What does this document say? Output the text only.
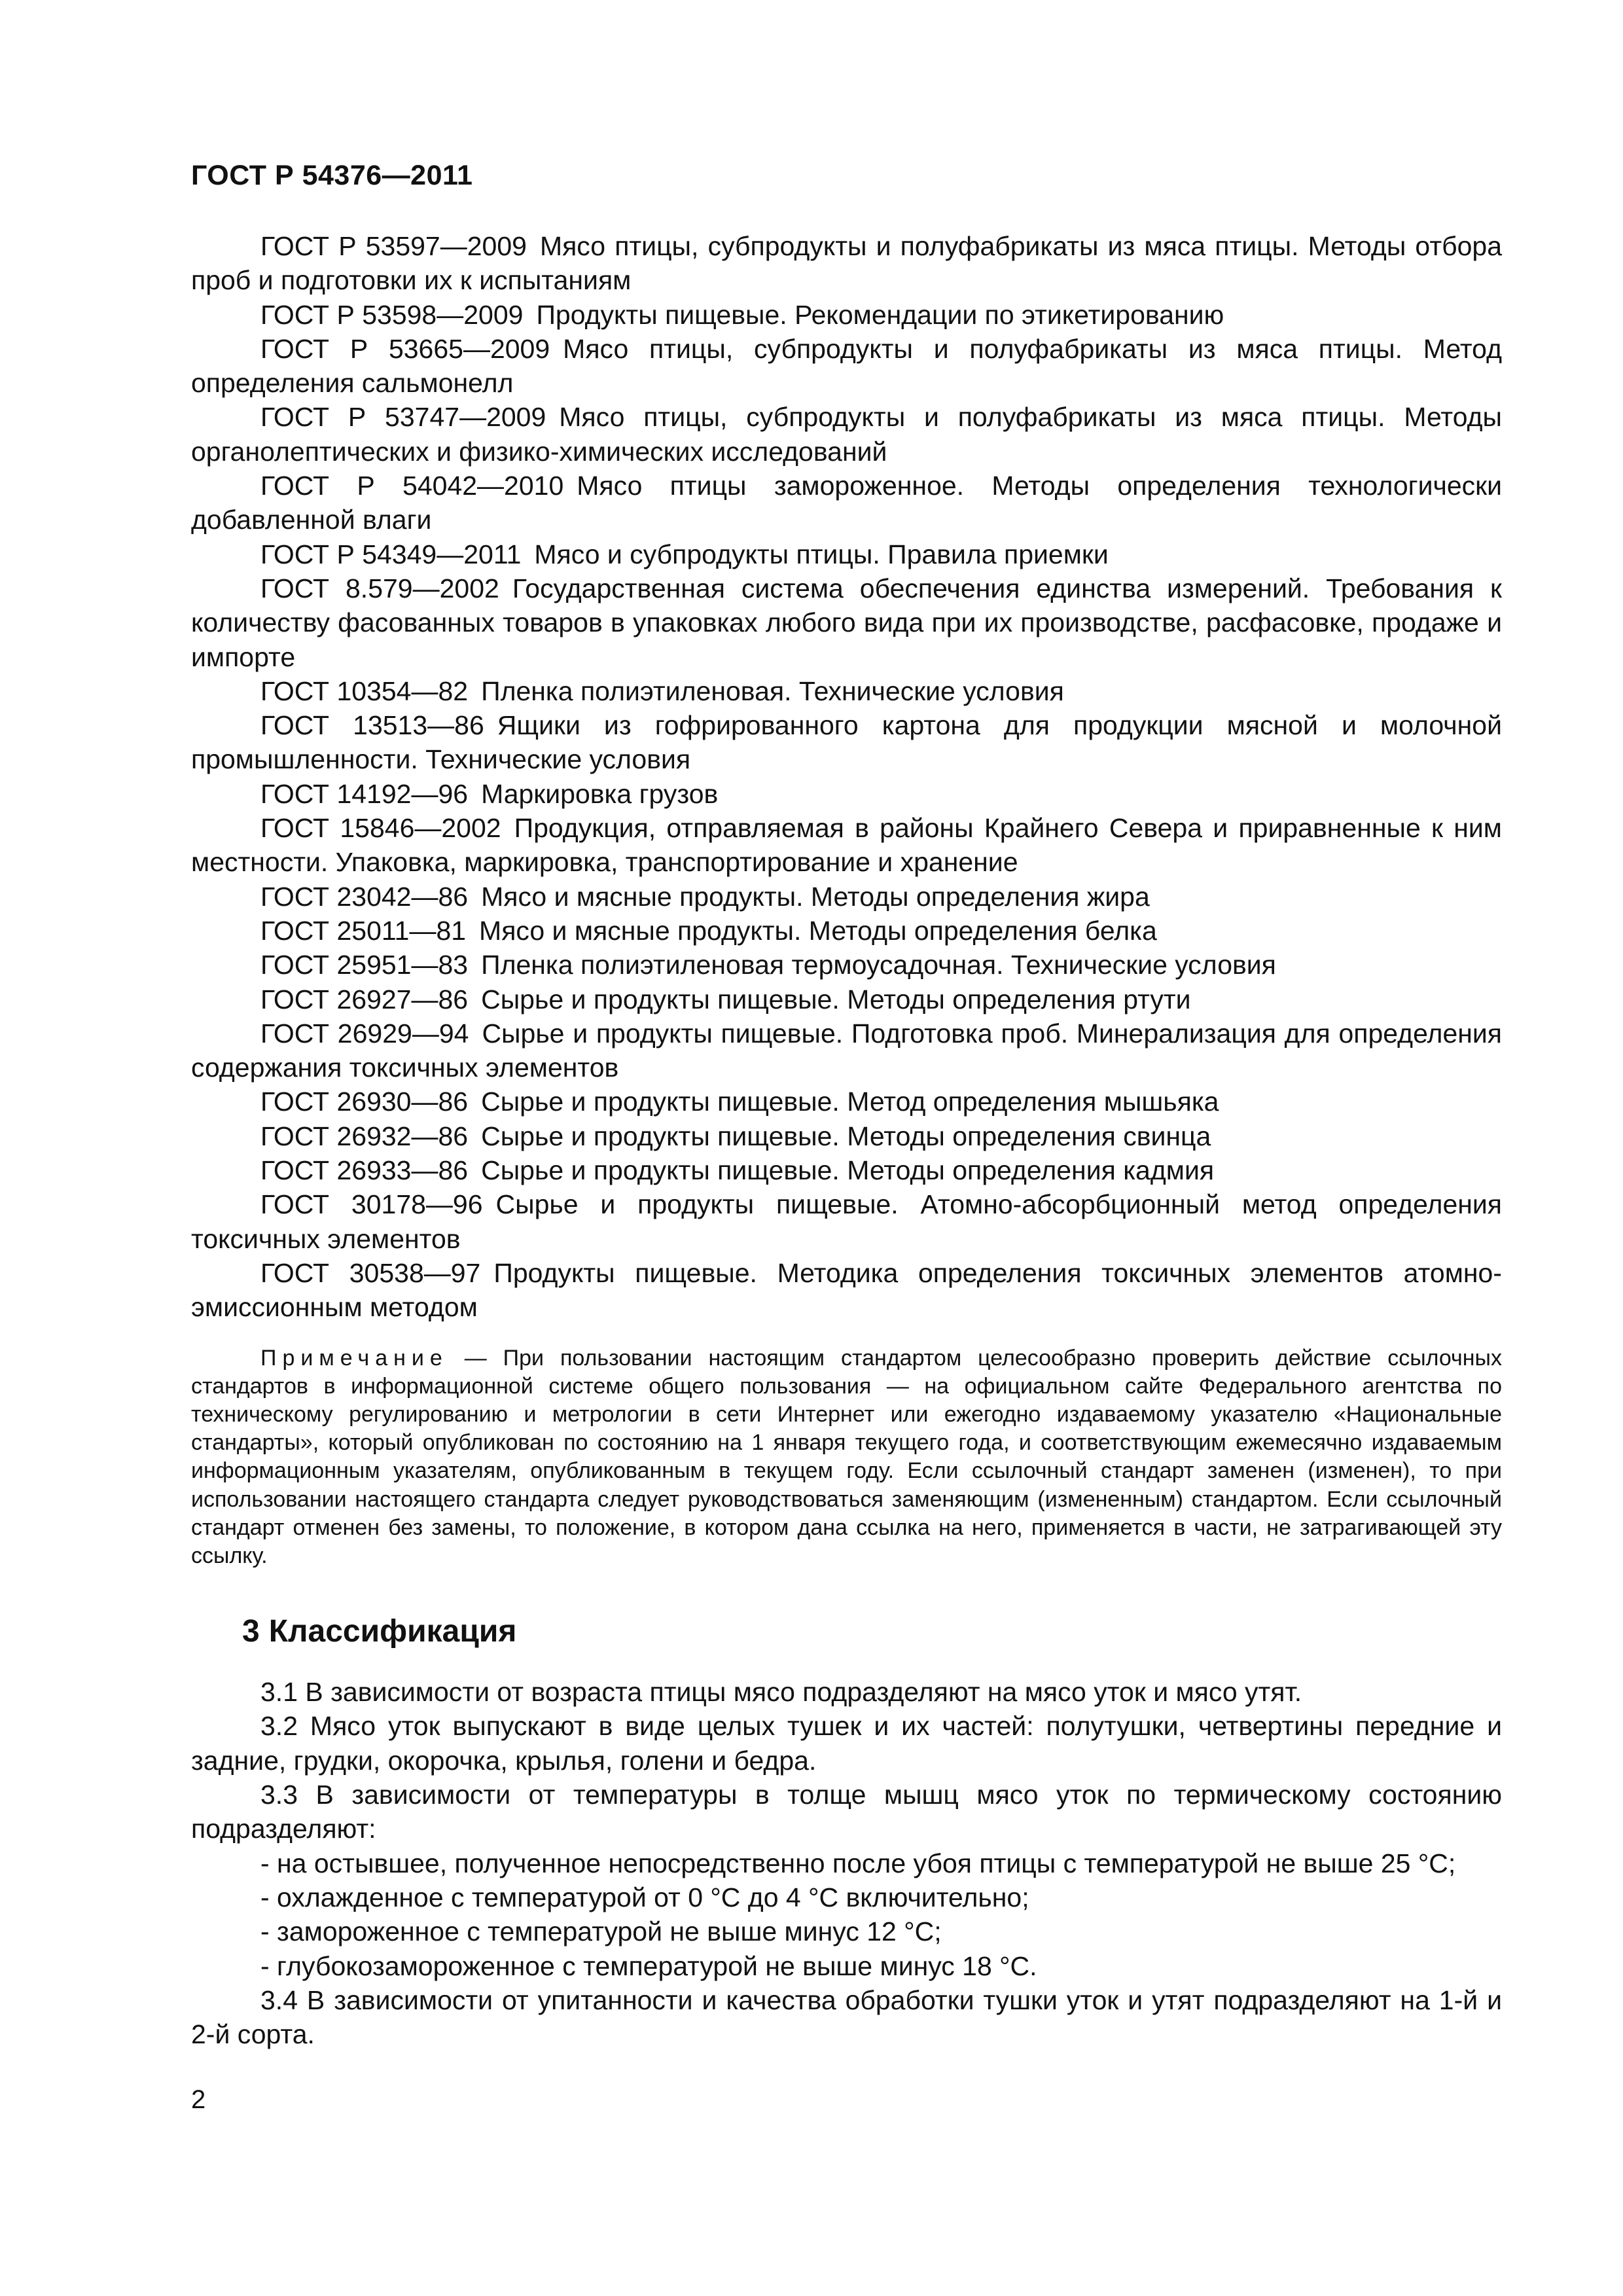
ГОСТ Р 54376—2011

ГОСТ Р 53597—2009 Мясо птицы, субпродукты и полуфабрикаты из мяса птицы. Методы отбора проб и подготовки их к испытаниям

ГОСТ Р 53598—2009 Продукты пищевые. Рекомендации по этикетированию

ГОСТ Р 53665—2009 Мясо птицы, субпродукты и полуфабрикаты из мяса птицы. Метод определения сальмонелл

ГОСТ Р 53747—2009 Мясо птицы, субпродукты и полуфабрикаты из мяса птицы. Методы органолептических и физико-химических исследований

ГОСТ Р 54042—2010 Мясо птицы замороженное. Методы определения технологически добавленной влаги

ГОСТ Р 54349—2011 Мясо и субпродукты птицы. Правила приемки

ГОСТ 8.579—2002 Государственная система обеспечения единства измерений. Требования к количеству фасованных товаров в упаковках любого вида при их производстве, расфасовке, продаже и импорте

ГОСТ 10354—82 Пленка полиэтиленовая. Технические условия

ГОСТ 13513—86 Ящики из гофрированного картона для продукции мясной и молочной промышленности. Технические условия

ГОСТ 14192—96 Маркировка грузов

ГОСТ 15846—2002 Продукция, отправляемая в районы Крайнего Севера и приравненные к ним местности. Упаковка, маркировка, транспортирование и хранение

ГОСТ 23042—86 Мясо и мясные продукты. Методы определения жира

ГОСТ 25011—81 Мясо и мясные продукты. Методы определения белка

ГОСТ 25951—83 Пленка полиэтиленовая термоусадочная. Технические условия

ГОСТ 26927—86 Сырье и продукты пищевые. Методы определения ртути

ГОСТ 26929—94 Сырье и продукты пищевые. Подготовка проб. Минерализация для определения содержания токсичных элементов

ГОСТ 26930—86 Сырье и продукты пищевые. Метод определения мышьяка

ГОСТ 26932—86 Сырье и продукты пищевые. Методы определения свинца

ГОСТ 26933—86 Сырье и продукты пищевые. Методы определения кадмия

ГОСТ 30178—96 Сырье и продукты пищевые. Атомно-абсорбционный метод определения токсичных элементов

ГОСТ 30538—97 Продукты пищевые. Методика определения токсичных элементов атомно-эмиссионным методом

Примечание — При пользовании настоящим стандартом целесообразно проверить действие ссылочных стандартов в информационной системе общего пользования — на официальном сайте Федерального агентства по техническому регулированию и метрологии в сети Интернет или ежегодно издаваемому указателю «Национальные стандарты», который опубликован по состоянию на 1 января текущего года, и соответствующим ежемесячно издаваемым информационным указателям, опубликованным в текущем году. Если ссылочный стандарт заменен (изменен), то при использовании настоящего стандарта следует руководствоваться заменяющим (измененным) стандартом. Если ссылочный стандарт отменен без замены, то положение, в котором дана ссылка на него, применяется в части, не затрагивающей эту ссылку.

3 Классификация

3.1 В зависимости от возраста птицы мясо подразделяют на мясо уток и мясо утят.

3.2 Мясо уток выпускают в виде целых тушек и их частей: полутушки, четвертины передние и задние, грудки, окорочка, крылья, голени и бедра.

3.3 В зависимости от температуры в толще мышц мясо уток по термическому состоянию подразделяют:

- на остывшее, полученное непосредственно после убоя птицы с температурой не выше 25 °C;

- охлажденное с температурой от 0 °C до 4 °C включительно;

- замороженное с температурой не выше минус 12 °C;

- глубокозамороженное с температурой не выше минус 18 °C.

3.4 В зависимости от упитанности и качества обработки тушки уток и утят подразделяют на 1-й и 2-й сорта.

2
